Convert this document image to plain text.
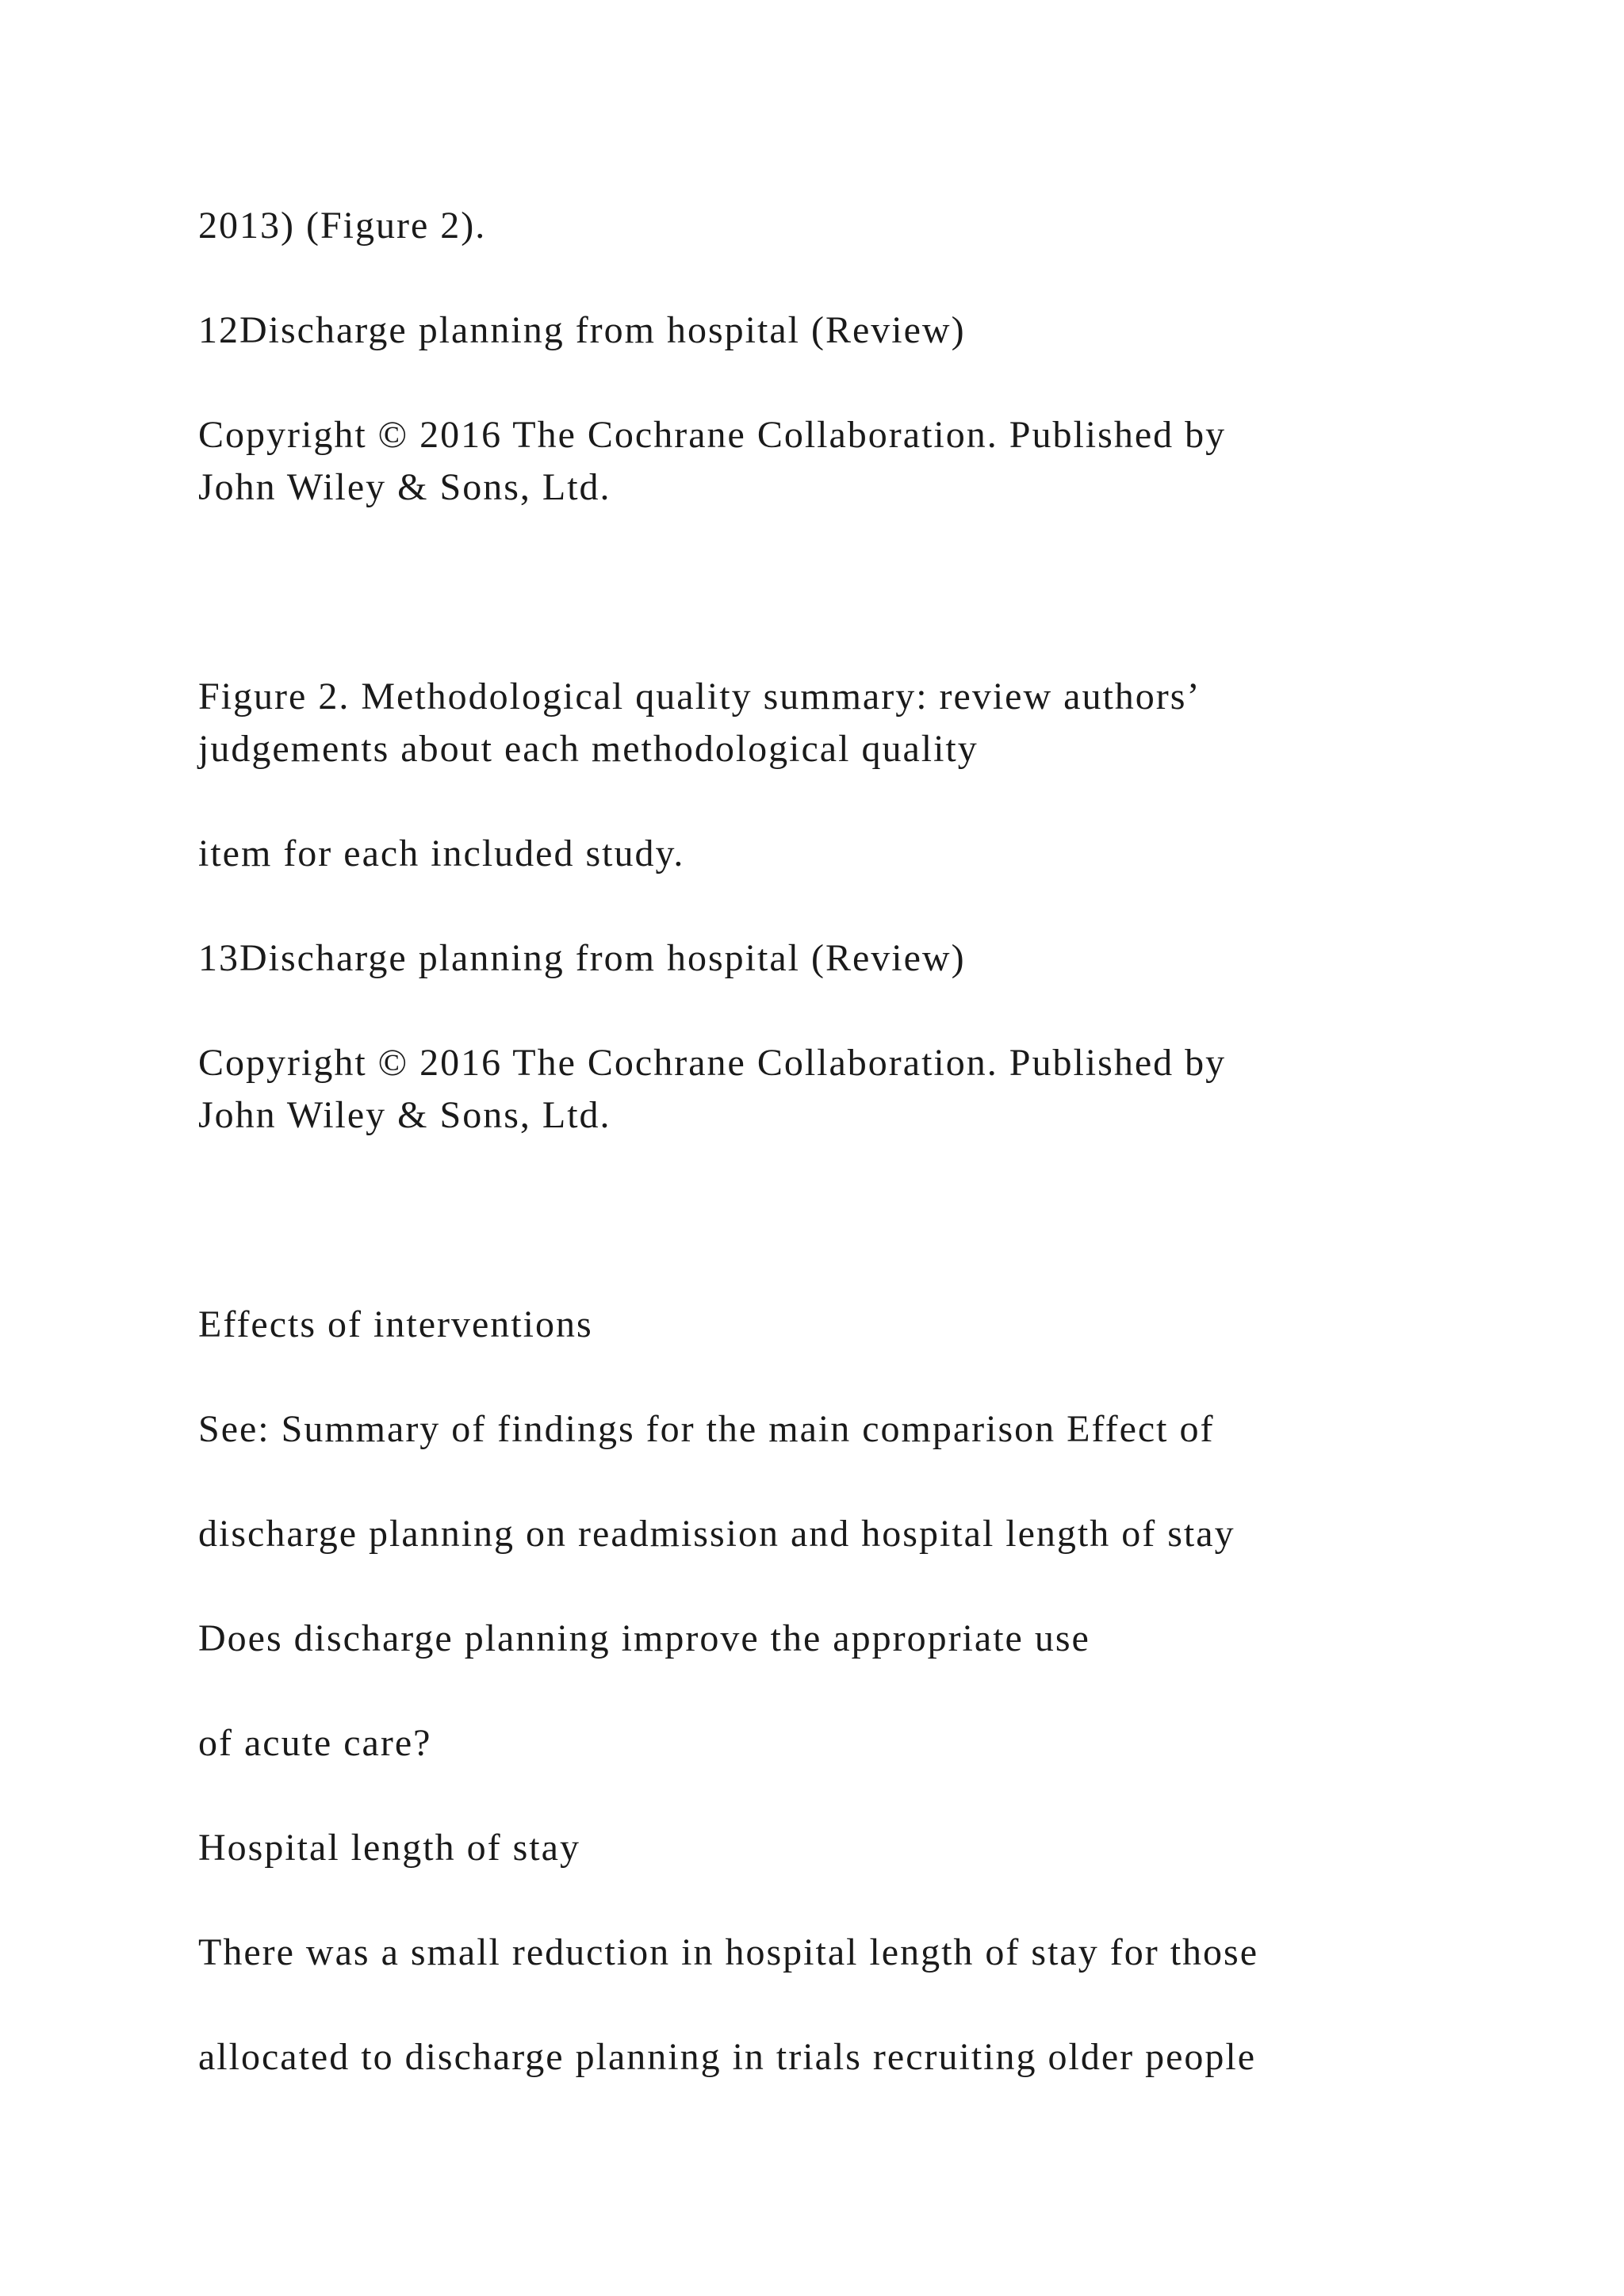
2013) (Figure 2).

12Discharge planning from hospital (Review)

Copyright © 2016 The Cochrane Collaboration. Published by

John Wiley & Sons, Ltd.

Figure 2. Methodological quality summary: review authors’

judgements about each methodological quality

item for each included study.

13Discharge planning from hospital (Review)

Copyright © 2016 The Cochrane Collaboration. Published by

John Wiley & Sons, Ltd.

Effects of interventions

See: Summary of findings for the main comparison Effect of

discharge planning on readmission and hospital length of stay

Does discharge planning improve the appropriate use

of acute care?

Hospital length of stay

There was a small reduction in hospital length of stay for those

allocated to discharge planning in trials recruiting older people
